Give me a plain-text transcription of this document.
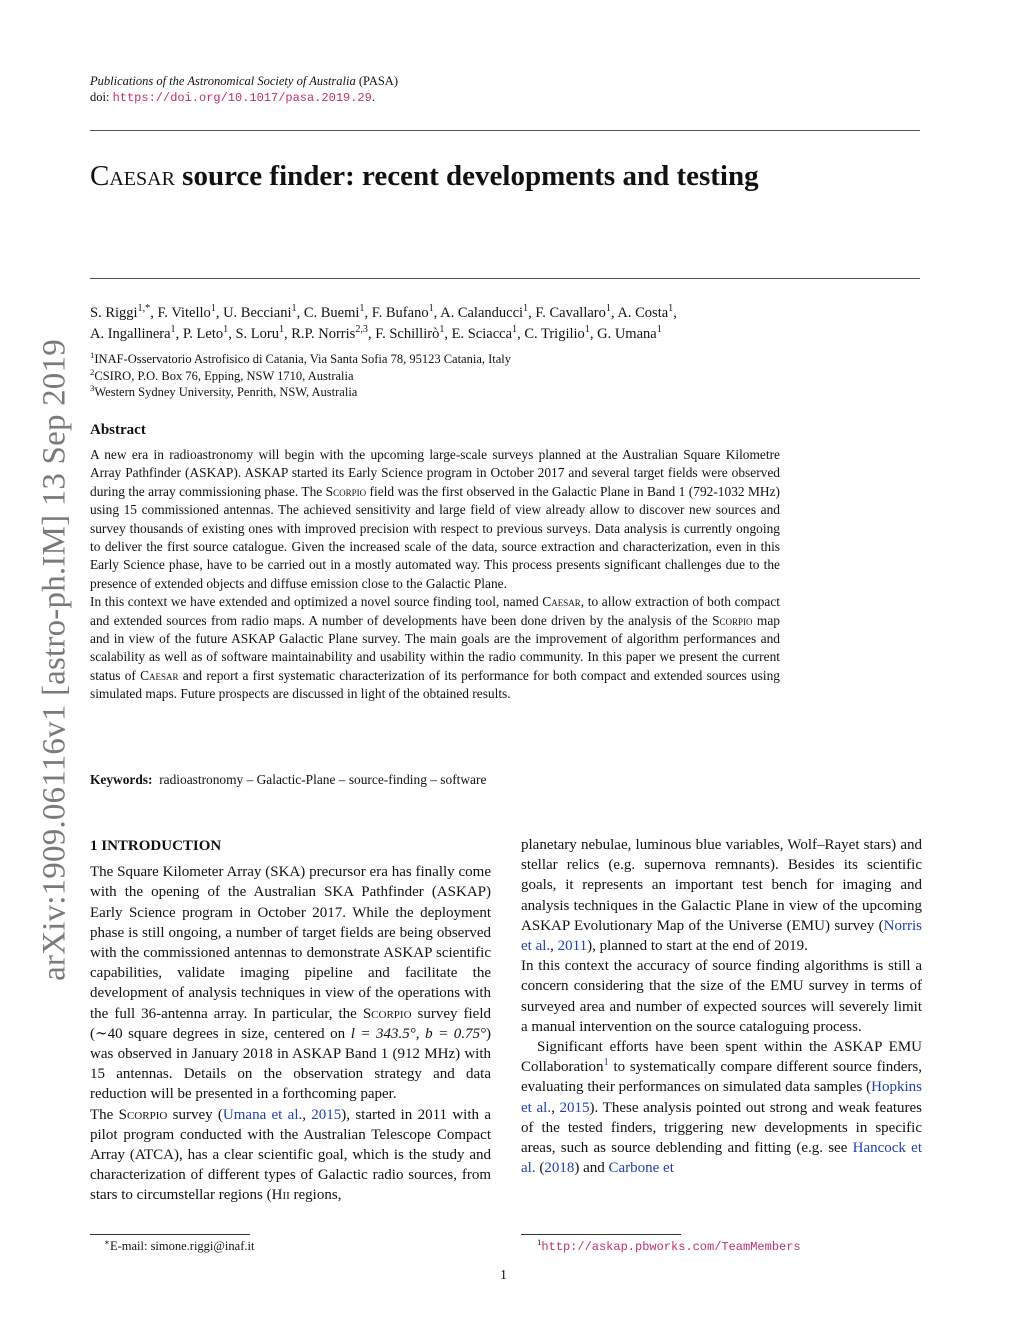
arXiv:1909.06116v1 [astro-ph.IM] 13 Sep 2019
Publications of the Astronomical Society of Australia (PASA)
doi: https://doi.org/10.1017/pasa.2019.29.
Caesar source finder: recent developments and testing
S. Riggi$^{1,*}$, F. Vitello$^1$, U. Becciani$^1$, C. Buemi$^1$, F. Bufano$^1$, A. Calanducci$^1$, F. Cavallaro$^1$, A. Costa$^1$,
A. Ingallinera$^1$, P. Leto$^1$, S. Loru$^1$, R.P. Norris$^{2,3}$, F. Schillirò$^1$, E. Sciacca$^1$, C. Trigilio$^1$, G. Umana$^1$
$^1$INAF-Osservatorio Astrofisico di Catania, Via Santa Sofia 78, 95123 Catania, Italy
$^2$CSIRO, P.O. Box 76, Epping, NSW 1710, Australia
$^3$Western Sydney University, Penrith, NSW, Australia
Abstract

A new era in radioastronomy will begin with the upcoming large-scale surveys planned at the Australian Square Kilometre Array Pathfinder (ASKAP). ASKAP started its Early Science program in October 2017 and several target fields were observed during the array commissioning phase. The Scorpio field was the first observed in the Galactic Plane in Band 1 (792-1032 MHz) using 15 commissioned antennas. The achieved sensitivity and large field of view already allow to discover new sources and survey thousands of existing ones with improved precision with respect to previous surveys. Data analysis is currently ongoing to deliver the first source catalogue. Given the increased scale of the data, source extraction and characterization, even in this Early Science phase, have to be carried out in a mostly automated way. This process presents significant challenges due to the presence of extended objects and diffuse emission close to the Galactic Plane.

In this context we have extended and optimized a novel source finding tool, named Caesar, to allow extraction of both compact and extended sources from radio maps. A number of developments have been done driven by the analysis of the Scorpio map and in view of the future ASKAP Galactic Plane survey. The main goals are the improvement of algorithm performances and scalability as well as of software maintainability and usability within the radio community. In this paper we present the current status of Caesar and report a first systematic characterization of its performance for both compact and extended sources using simulated maps. Future prospects are discussed in light of the obtained results.

Keywords: radioastronomy – Galactic-Plane – source-finding – software

1 INTRODUCTION

The Square Kilometer Array (SKA) precursor era has finally come with the opening of the Australian SKA Pathfinder (ASKAP) Early Science program in October 2017. While the deployment phase is still ongoing, a number of target fields are being observed with the commissioned antennas to demonstrate ASKAP scientific capabilities, validate imaging pipeline and facilitate the development of analysis techniques in view of the operations with the full 36-antenna array. In particular, the Scorpio survey field (∼40 square degrees in size, centered on l = 343.5°, b = 0.75°) was observed in January 2018 in ASKAP Band 1 (912 MHz) with 15 antennas. Details on the observation strategy and data reduction will be presented in a forthcoming paper.

The Scorpio survey (Umana et al., 2015), started in 2011 with a pilot program conducted with the Australian Telescope Compact Array (ATCA), has a clear scientific goal, which is the study and characterization of different types of Galactic radio sources, from stars to circumstellar regions (Hii regions,

planetary nebulae, luminous blue variables, Wolf–Rayet stars) and stellar relics (e.g. supernova remnants). Besides its scientific goals, it represents an important test bench for imaging and analysis techniques in the Galactic Plane in view of the upcoming ASKAP Evolutionary Map of the Universe (EMU) survey (Norris et al., 2011), planned to start at the end of 2019.

In this context the accuracy of source finding algorithms is still a concern considering that the size of the EMU survey in terms of surveyed area and number of expected sources will severely limit a manual intervention on the source cataloguing process.

Significant efforts have been spent within the ASKAP EMU Collaboration$^1$ to systematically compare different source finders, evaluating their performances on simulated data samples (Hopkins et al., 2015). These analysis pointed out strong and weak features of the tested finders, triggering new developments in specific areas, such as source deblending and fitting (e.g. see Hancock et al. (2018) and Carbone et

∗E-mail: simone.riggi@inaf.it	$^1$http://askap.pbworks.com/TeamMembers
1
